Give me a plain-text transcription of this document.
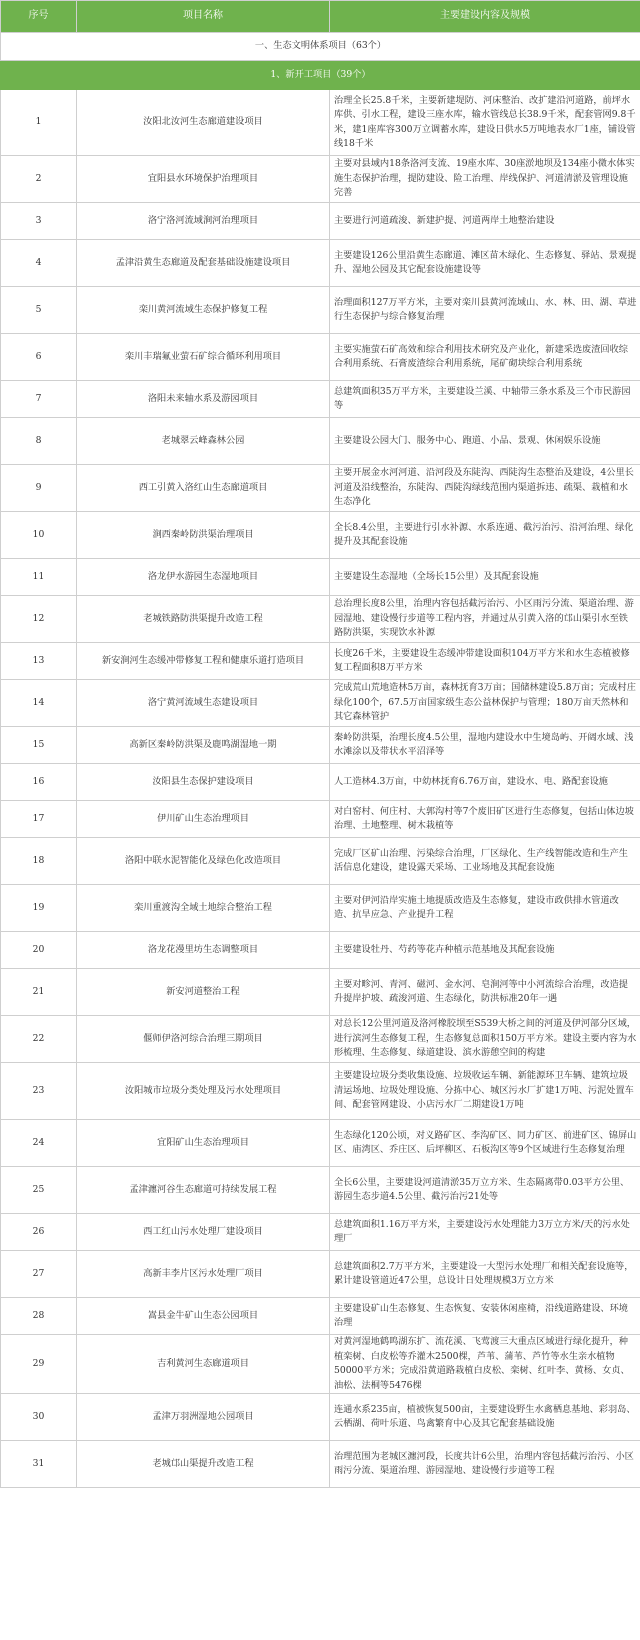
序号	项目名称	主要建设内容及规模
一、生态文明体系项目（63个）		
1、新开工项目（39个）		
1	汝阳北汝河生态廊道建设项目	治理全长25.8千米，主要新建堤防、河床整治、改扩建沿河道路，前坪水库供、引水工程，建设三座水库，输水管线总长38.9千米，配套管网9.8千米，建1座库容300万立调蓄水库，建设日供水5万吨地表水厂1座，铺设管线18千米
2	宜阳县水环境保护治理项目	主要对县域内18条洛河支流、19座水库、30座淤地坝及134座小微水体实施生态保护治理，提防建设、险工治理、岸线保护、河道清淤及管理设施完善
3	洛宁洛河流域涧河治理项目	主要进行河道疏浚、新建护提、河道两岸土地整治建设
4	孟津沿黄生态廊道及配套基础设施建设项目	主要建设126公里沿黄生态廊道、滩区苗木绿化、生态修复、驿站、景观提升、湿地公园及其它配套设施建设等
5	栾川黄河流域生态保护修复工程	治理面积127万平方米，主要对栾川县黄河流域山、水、林、田、湖、草进行生态保护与综合修复治理
6	栾川丰瑞氟业萤石矿综合循环利用项目	主要实施萤石矿高效和综合利用技术研究及产业化，新建采选废渣回收综合利用系统、石膏废渣综合利用系统，尾矿砌块综合利用系统
7	洛阳未来轴水系及游园项目	总建筑面积35万平方米，主要建设兰溪、中轴带三条水系及三个市民游园等
8	老城翠云峰森林公园	主要建设公园大门、服务中心、跑道、小品、景观、休闲娱乐设施
9	西工引黄入洛红山生态廊道项目	主要开展金水河河道、沿河段及东陡沟、西陡沟生态整治及建设，4公里长河道及沿线整治，东陡沟、西陡沟绿线范围内渠道拆违、疏渠、栽植和水生态净化
10	涧西秦岭防洪渠治理项目	全长8.4公里，主要进行引水补源、水系连通、截污治污、沿河治理、绿化提升及其配套设施
11	洛龙伊水游园生态湿地项目	主要建设生态湿地（全场长15公里）及其配套设施
12	老城铁路防洪渠提升改造工程	总治理长度8公里，治理内容包括截污治污、小区雨污分流、渠道治理、游园湿地、建设慢行步道等工程内容，并通过从引黄入洛的邙山渠引水至铁路防洪渠，实现饮水补源
13	新安涧河生态缓冲带修复工程和健康乐道打造项目	长度26千米，主要建设生态缓冲带建设面积104万平方米和水生态植被修复工程面积8万平方米
14	洛宁黄河流域生态建设项目	完成荒山荒地造林5万亩，森林抚育3万亩；国储林建设5.8万亩；完成村庄绿化100个，67.5万亩国家级生态公益林保护与管理；180万亩天然林和其它森林管护
15	高新区秦岭防洪渠及鹿鸣湖湿地一期	秦岭防洪渠，治理长度4.5公里，湿地内建设水中生境岛屿、开阔水域、浅水滩涂以及带状水平沼泽等
16	汝阳县生态保护建设项目	人工造林4.3万亩，中幼林抚育6.76万亩，建设水、电、路配套设施
17	伊川矿山生态治理项目	对白窑村、何庄村、大郭沟村等7个废旧矿区进行生态修复，包括山体边坡治理、土地整理、树木栽植等
18	洛阳中联水泥智能化及绿色化改造项目	完成厂区矿山治理、污染综合治理，厂区绿化、生产线智能改造和生产生活信息化建设，建设露天采场、工业场地及其配套设施
19	栾川重渡沟全域土地综合整治工程	主要对伊河沿岸实施土地提质改造及生态修复，建设市政供排水管道改造、抗旱应急、产业提升工程
20	洛龙花漫里坊生态调整项目	主要建设牡丹、芍药等花卉种植示范基地及其配套设施
21	新安河道整治工程	主要对畛河、青河、磁河、金水河、皂涧河等中小河流综合治理，改造提升提岸护坡、疏浚河道、生态绿化，防洪标准20年一遇
22	偃师伊洛河综合治理三期项目	对总长12公里河道及洛河橡胶坝至S539大桥之间的河道及伊河部分区域，进行滨河生态修复工程，生态修复总面积150万平方米。建设主要内容为水形梳理、生态修复、绿道建设、滨水游憩空间的构建
23	汝阳城市垃圾分类处理及污水处理项目	主要建设垃圾分类收集设施、垃圾收运车辆、新能源环卫车辆、建筑垃圾清运场地、垃圾处理设施、分拣中心、城区污水厂扩建1万吨、污泥处置车间、配套管网建设、小店污水厂二期建设1万吨
24	宜阳矿山生态治理项目	生态绿化120公顷，对义路矿区、李沟矿区、同力矿区、前进矿区、锦屏山区、庙湾区、乔庄区、后坪柳区、石板沟区等9个区域进行生态修复治理
25	孟津瀍河谷生态廊道可持续发展工程	全长6公里，主要建设河道清淤35万立方米、生态隔离带0.03平方公里、游园生态步道4.5公里、截污治污21处等
26	西工红山污水处理厂建设项目	总建筑面积1.16万平方米，主要建设污水处理能力3万立方米/天的污水处理厂
27	高新丰李片区污水处理厂项目	总建筑面积2.7万平方米，主要建设一大型污水处理厂和相关配套设施等，累计建设管道近47公里，总设计日处理规模3万立方米
28	嵩县金牛矿山生态公园项目	主要建设矿山生态修复、生态恢复、安装休闲座椅，沿线道路建设、环境治理
29	吉利黄河生态廊道项目	对黄河湿地鹤鸣湖东扩、流花溪、飞莺渡三大重点区域进行绿化提升，种植栾树、白皮松等乔灌木2500棵，芦苇、蒲苇、芦竹等水生亲水植物50000平方米；完成沿黄道路栽植白皮松、栾树、红叶李、黄杨、女贞、油松、法桐等5476棵
30	孟津万羽洲湿地公园项目	连通水系235亩，植被恢复500亩，主要建设野生水禽栖息基地、彩羽岛、云栖湖、荷叶乐道、鸟禽繁育中心及其它配套基础设施
31	老城邙山渠提升改造工程	治理范围为老城区瀍河段，长度共计6公里，治理内容包括截污治污、小区雨污分流、渠道治理、游园湿地、建设慢行步道等工程
